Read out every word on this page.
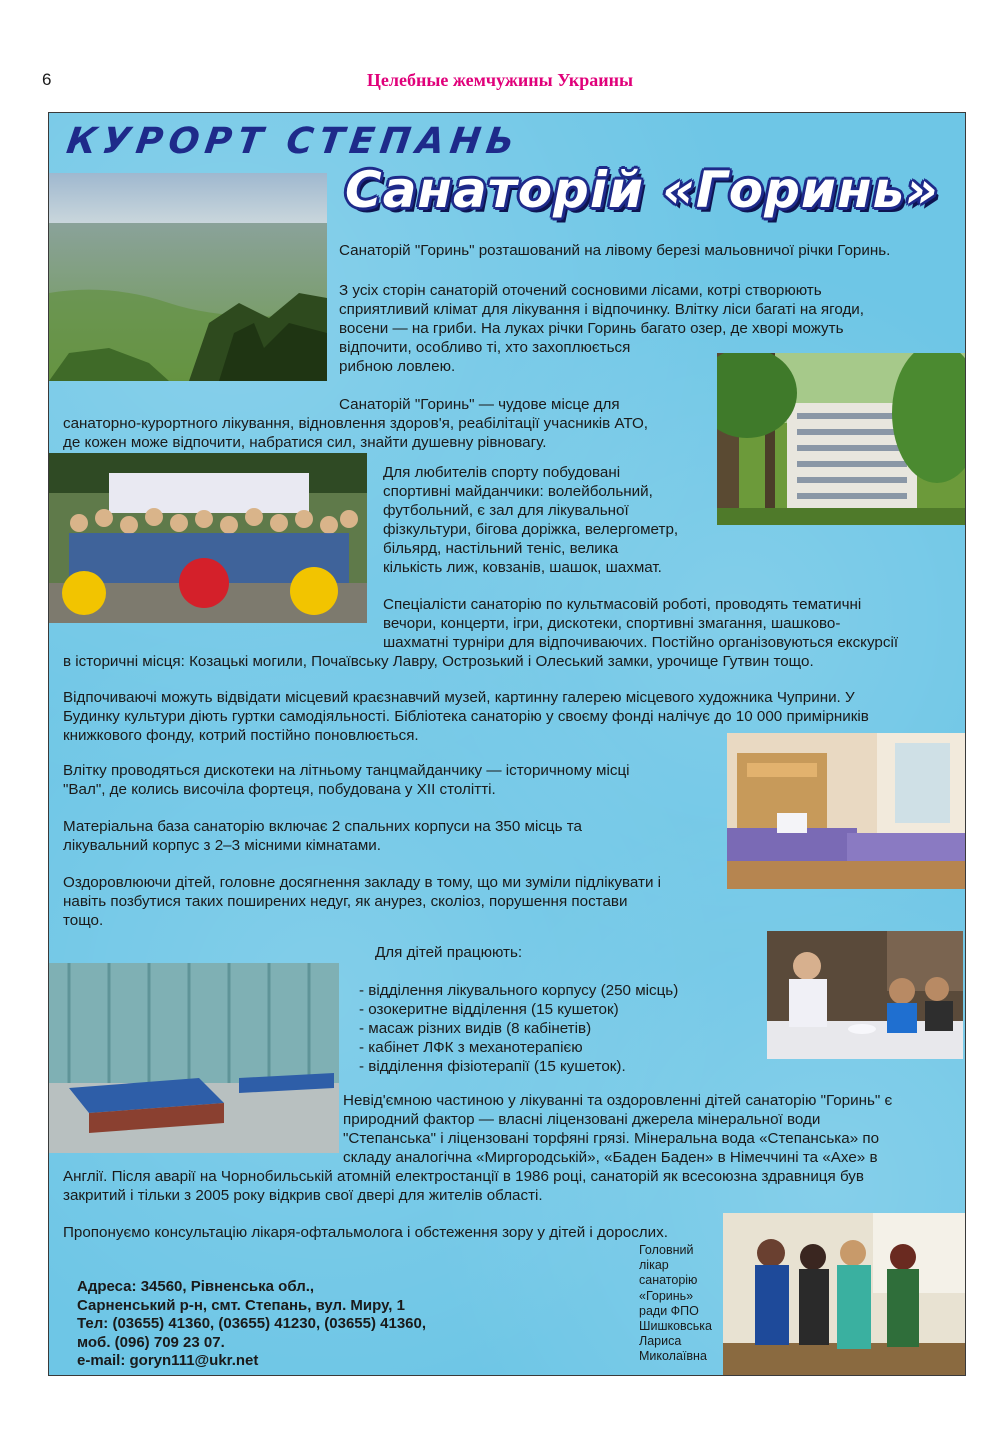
6	Целебные жемчужины Украины
КУРОРТ СТЕПАНЬ
Санаторій «Горинь»

Санаторій "Горинь" розташований на лівому березі мальовничої річки Горинь.

З усіх сторін санаторій оточений сосновими лісами, котрі створюють

сприятливий клімат для лікування і відпочинку. Влітку ліси багаті на ягоди,

восени — на гриби. На луках річки Горинь багато озер, де хворі можуть

відпочити, особливо ті, хто захоплюється

рибною ловлею.

Санаторій "Горинь" — чудове місце для

санаторно-курортного лікування, відновлення здоров'я, реабілітації учасників АТО,

де кожен може відпочити, набратися сил, знайти душевну рівновагу.

Для любителів спорту побудовані

спортивні майданчики: волейбольний,

футбольний, є зал для лікувальної

фізкультури, бігова доріжка, велергометр,

більярд, настільний теніс, велика

кількість лиж, ковзанів, шашок, шахмат.

Спеціалісти санаторію по культмасовій роботі, проводять тематичні

вечори, концерти, ігри, дискотеки, спортивні змагання, шашково-

шахматні турніри для відпочиваючих. Постійно організовуються екскурсії

в історичні місця: Козацькі могили, Почаївську Лавру, Острозький і Олеський замки, урочище Гутвин тощо.

Відпочиваючі можуть відвідати місцевий краєзнавчий музей, картинну галерею місцевого художника Чуприни. У

Будинку культури діють гуртки самодіяльності. Бібліотека санаторію у своєму фонді налічує до 10 000 примірників

книжкового фонду, котрий постійно поновлюється.

Влітку проводяться дискотеки на літньому танцмайданчику — історичному місці

"Вал", де колись височіла фортеця, побудована у XII столітті.

Матеріальна база санаторію включає 2 спальних корпуси на 350 місць та

лікувальний корпус з 2–3 місними кімнатами.

Оздоровлюючи дітей, головне досягнення закладу в тому, що ми зуміли підлікувати і

навіть позбутися таких поширених недуг, як анурез, сколіоз, порушення постави

тощо.

Для дітей працюють:

- відділення лікувального корпусу (250 місць)
- озокеритне відділення (15 кушеток)
- масаж різних видів (8 кабінетів)
- кабінет ЛФК з механотерапією
- відділення фізіотерапії (15 кушеток).

Невід'ємною частиною у лікуванні та оздоровленні дітей санаторію "Горинь" є

природний фактор — власні ліцензовані джерела мінеральної води

"Степанська" і ліцензовані торфяні грязі. Мінеральна вода «Степанська» по

складу аналогічна «Миргородській», «Баден Баден» в Німеччині та «Ахе» в

Англії. Після аварії на Чорнобильській атомній електростанції в 1986 році, санаторій як всесоюзна здравниця був

закритий і тільки з 2005 року відкрив свої двері для жителів області.

Пропонуємо консультацію лікаря-офтальмолога і обстеження зору у дітей і дорослих.

Адреса: 34560, Рівненська обл.,
Сарненський р-н, смт. Степань, вул. Миру, 1
Тел: (03655) 41360, (03655) 41230, (03655) 41360,
моб. (096) 709 23 07.
e-mail: goryn111@ukr.net
Головний
лікар
санаторію
«Горинь»
ради ФПО
Шишковська
Лариса
Миколаївна
